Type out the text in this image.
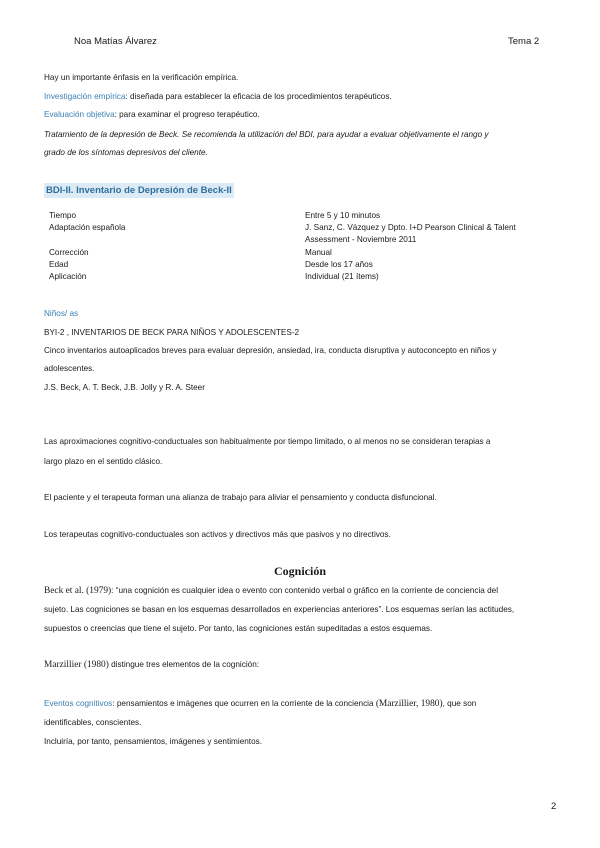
Noa Matías Álvarez	Tema 2
Hay un importante énfasis en la verificación empírica.
Investigación empírica: diseñada para establecer la eficacia de los procedimientos terapéuticos.
Evaluación objetiva: para examinar el progreso terapéutico.
Tratamiento de la depresión de Beck. Se recomienda la utilización del BDI, para ayudar a evaluar objetivamente el rango y
grado de los síntomas depresivos del cliente.
BDI-II. Inventario de Depresión de Beck-II
Tiempo	Entre 5 y 10 minutos
Adaptación española	J. Sanz, C. Vázquez y Dpto. I+D Pearson Clinical & Talent
Assessment - Noviembre 2011
Corrección	Manual
Edad	Desde los 17 años
Aplicación	Individual (21 ítems)
Niños/ as
BYI-2 , INVENTARIOS DE BECK PARA NIÑOS Y ADOLESCENTES-2
Cinco inventarios autoaplicados breves para evaluar depresión, ansiedad, ira, conducta disruptiva y autoconcepto en niños y
adolescentes.
J.S. Beck, A. T. Beck, J.B. Jolly y R. A. Steer
Las aproximaciones cognitivo-conductuales son habitualmente por tiempo limitado, o al menos no se consideran terapias a
largo plazo en el sentido clásico.
El paciente y el terapeuta forman una alianza de trabajo para aliviar el pensamiento y conducta disfuncional.
Los terapeutas cognitivo-conductuales son activos y directivos más que pasivos y no directivos.
Cognición
Beck et al. (1979): “una cognición es cualquier idea o evento con contenido verbal o gráfico en la corriente de conciencia del
sujeto. Las cogniciones se basan en los esquemas desarrollados en experiencias anteriores”. Los esquemas serían las actitudes,
supuestos o creencias que tiene el sujeto. Por tanto, las cogniciones están supeditadas a estos esquemas.
Marzillier (1980) distingue tres elementos de la cognición:
Eventos cognitivos: pensamientos e imágenes que ocurren en la corriente de la conciencia (Marzillier, 1980), que son
identificables, conscientes.
Incluiría, por tanto, pensamientos, imágenes y sentimientos.
2
